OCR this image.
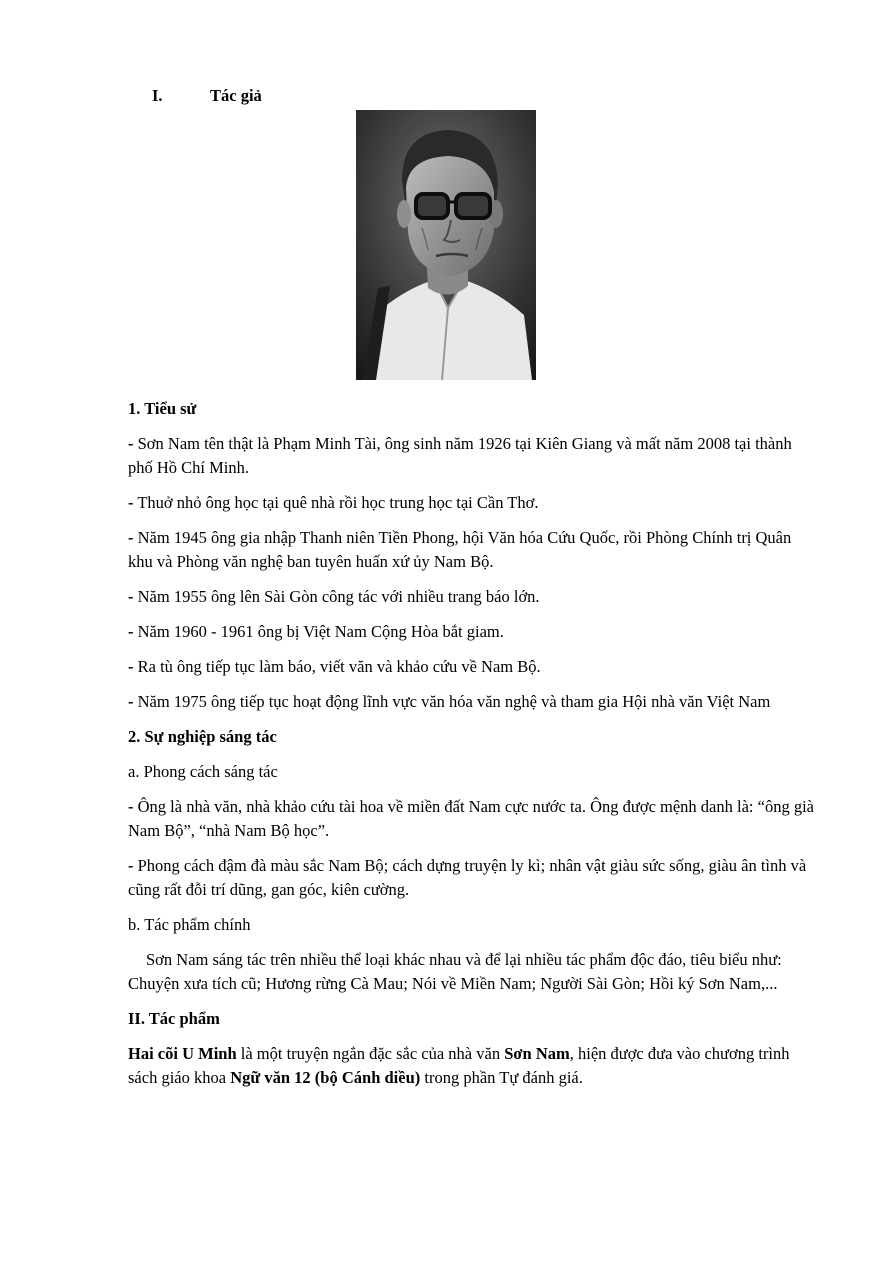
I.	Tác giả

1. Tiểu sử

- Sơn Nam tên thật là Phạm Minh Tài, ông sinh năm 1926 tại Kiên Giang và mất năm 2008 tại thành phố Hồ Chí Minh.

- Thuở nhỏ ông học tại quê nhà rồi học trung học tại Cần Thơ.

- Năm 1945 ông gia nhập Thanh niên Tiền Phong, hội Văn hóa Cứu Quốc, rồi Phòng Chính trị Quân khu và Phòng văn nghệ ban tuyên huấn xứ ủy Nam Bộ.

- Năm 1955 ông lên Sài Gòn công tác với nhiều trang báo lớn.

- Năm 1960 - 1961 ông bị Việt Nam Cộng Hòa bắt giam.

- Ra tù ông tiếp tục làm báo, viết văn và khảo cứu về Nam Bộ.

- Năm 1975 ông tiếp tục hoạt động lĩnh vực văn hóa văn nghệ và tham gia Hội nhà văn Việt Nam

2. Sự nghiệp sáng tác

a. Phong cách sáng tác

- Ông là nhà văn, nhà khảo cứu tài hoa về miền đất Nam cực nước ta. Ông được mệnh danh là: “ông già Nam Bộ”, “nhà Nam Bộ học”.

- Phong cách đậm đà màu sắc Nam Bộ; cách dựng truyện ly kì; nhân vật giàu sức sống, giàu ân tình và cũng rất đỗi trí dũng, gan góc, kiên cường.

b. Tác phẩm chính

Sơn Nam sáng tác trên nhiều thể loại khác nhau và để lại nhiều tác phẩm độc đáo, tiêu biểu như: Chuyện xưa tích cũ; Hương rừng Cà Mau; Nói về Miền Nam; Người Sài Gòn; Hồi ký Sơn Nam,...

II. Tác phẩm

Hai cõi U Minh là một truyện ngắn đặc sắc của nhà văn Sơn Nam, hiện được đưa vào chương trình sách giáo khoa Ngữ văn 12 (bộ Cánh diều) trong phần Tự đánh giá.
